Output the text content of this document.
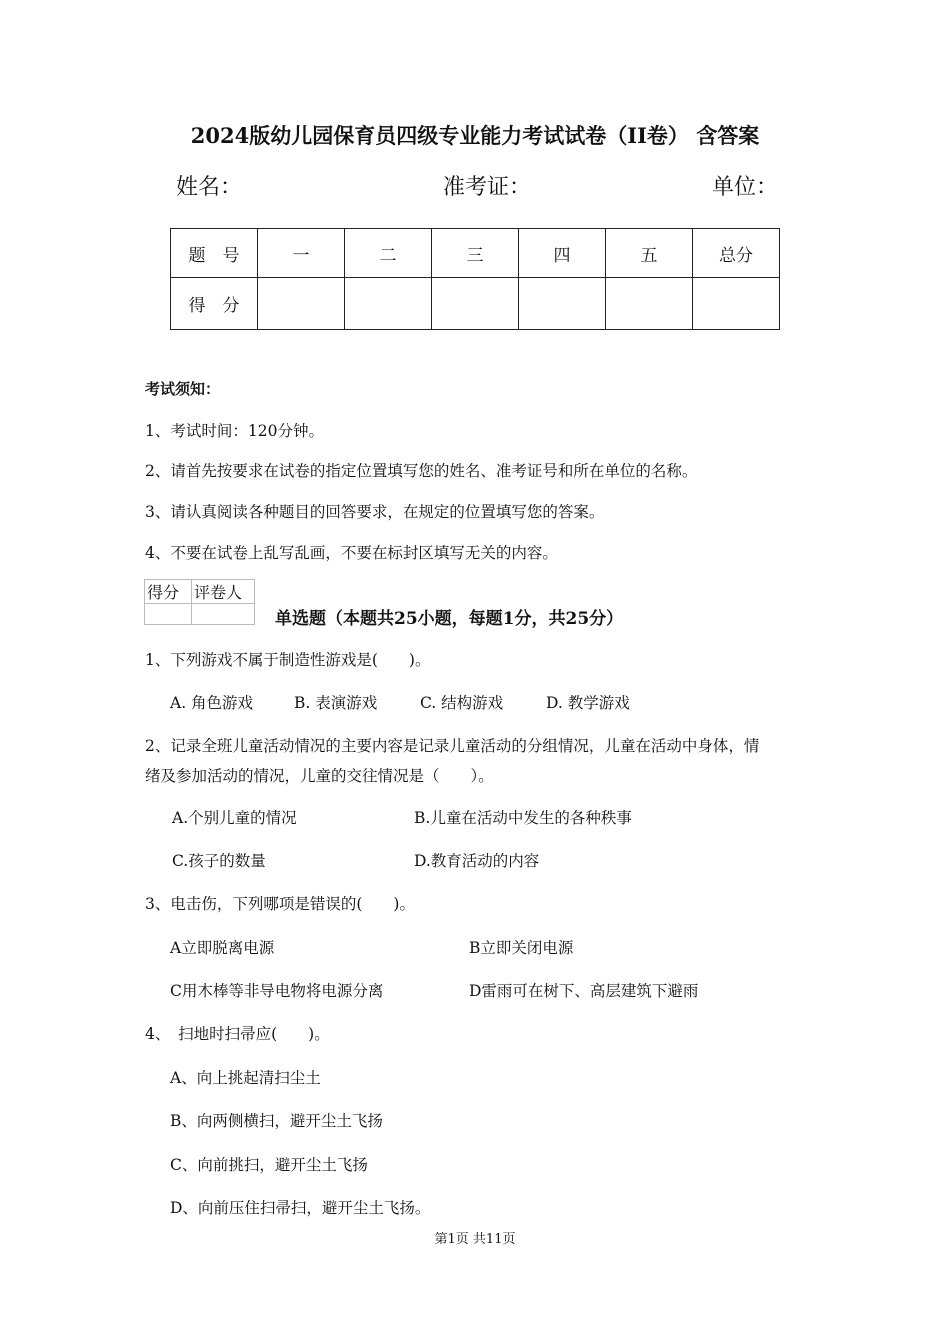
2024版幼儿园保育员四级专业能力考试试卷（II卷） 含答案
姓名：	准考证：	单位：
题　号	一	二	三	四	五	总分
得　分						
考试须知：
1、考试时间：120分钟。
2、请首先按要求在试卷的指定位置填写您的姓名、准考证号和所在单位的名称。
3、请认真阅读各种题目的回答要求，在规定的位置填写您的答案。
4、不要在试卷上乱写乱画，不要在标封区填写无关的内容。
得分	评卷人

单选题（本题共25小题，每题1分，共25分）
1、下列游戏不属于制造性游戏是(　　)。
A. 角色游戏	B. 表演游戏	C. 结构游戏	D. 教学游戏
2、记录全班儿童活动情况的主要内容是记录儿童活动的分组情况，儿童在活动中身体，情
绪及参加活动的情况，儿童的交往情况是（　　）。
A.个别儿童的情况	B.儿童在活动中发生的各种秩事
C.孩子的数量	D.教育活动的内容
3、电击伤，下列哪项是错误的(　　)。
A立即脱离电源	B立即关闭电源
C用木棒等非导电物将电源分离	D雷雨可在树下、高层建筑下避雨
4、　扫地时扫帚应(　　)。
A、向上挑起清扫尘土
B、向两侧横扫，避开尘土飞扬
C、向前挑扫，避开尘土飞扬
D、向前压住扫帚扫，避开尘土飞扬。
第1页 共11页
